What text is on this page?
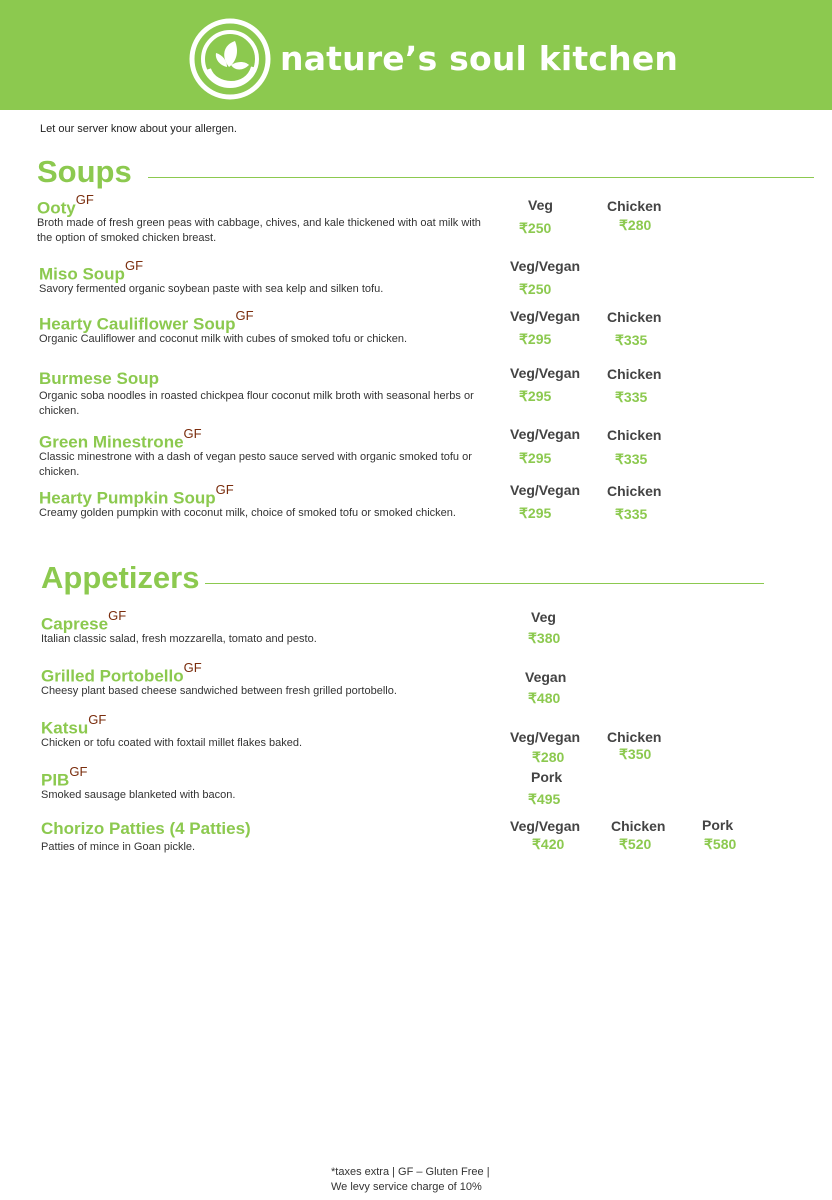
nature’s soul kitchen
Let our server know about your allergen.
Soups
Ooty$^{GF}$
Broth made of fresh green peas with cabbage, chives, and kale thickened with oat milk with the option of smoked chicken breast.
Veg
₹250
Chicken
₹280
Miso Soup$^{GF}$
Savory fermented organic soybean paste with sea kelp and silken tofu.
Veg/Vegan
₹250
Hearty Cauliflower Soup$^{GF}$
Organic Cauliflower and coconut milk with cubes of smoked tofu or chicken.
Veg/Vegan
₹295
Chicken
₹335
Burmese Soup
Organic soba noodles in roasted chickpea flour coconut milk broth with seasonal herbs or chicken.
Veg/Vegan
₹295
Chicken
₹335
Green Minestrone$^{GF}$
Classic minestrone with a dash of vegan pesto sauce served with organic smoked tofu or chicken.
Veg/Vegan
₹295
Chicken
₹335
Hearty Pumpkin Soup$^{GF}$
Creamy golden pumpkin with coconut milk, choice of smoked tofu or smoked chicken.
Veg/Vegan
₹295
Chicken
₹335
Appetizers
Caprese$^{GF}$
Italian classic salad, fresh mozzarella, tomato and pesto.
Veg
₹380
Grilled Portobello$^{GF}$
Cheesy plant based cheese sandwiched between fresh grilled portobello.
Vegan
₹480
Katsu$^{GF}$
Chicken or tofu coated with foxtail millet flakes baked.	Veg/Vegan
₹280
Chicken
₹350
$PIB^{GF}$
Smoked sausage blanketed with bacon.
Pork
₹495
Chorizo Patties (4 Patties)
Patties of mince in Goan pickle.
Veg/Vegan
₹420
Chicken
₹520
Pork
₹580
*taxes extra | GF – Gluten Free |
We levy service charge of 10%
